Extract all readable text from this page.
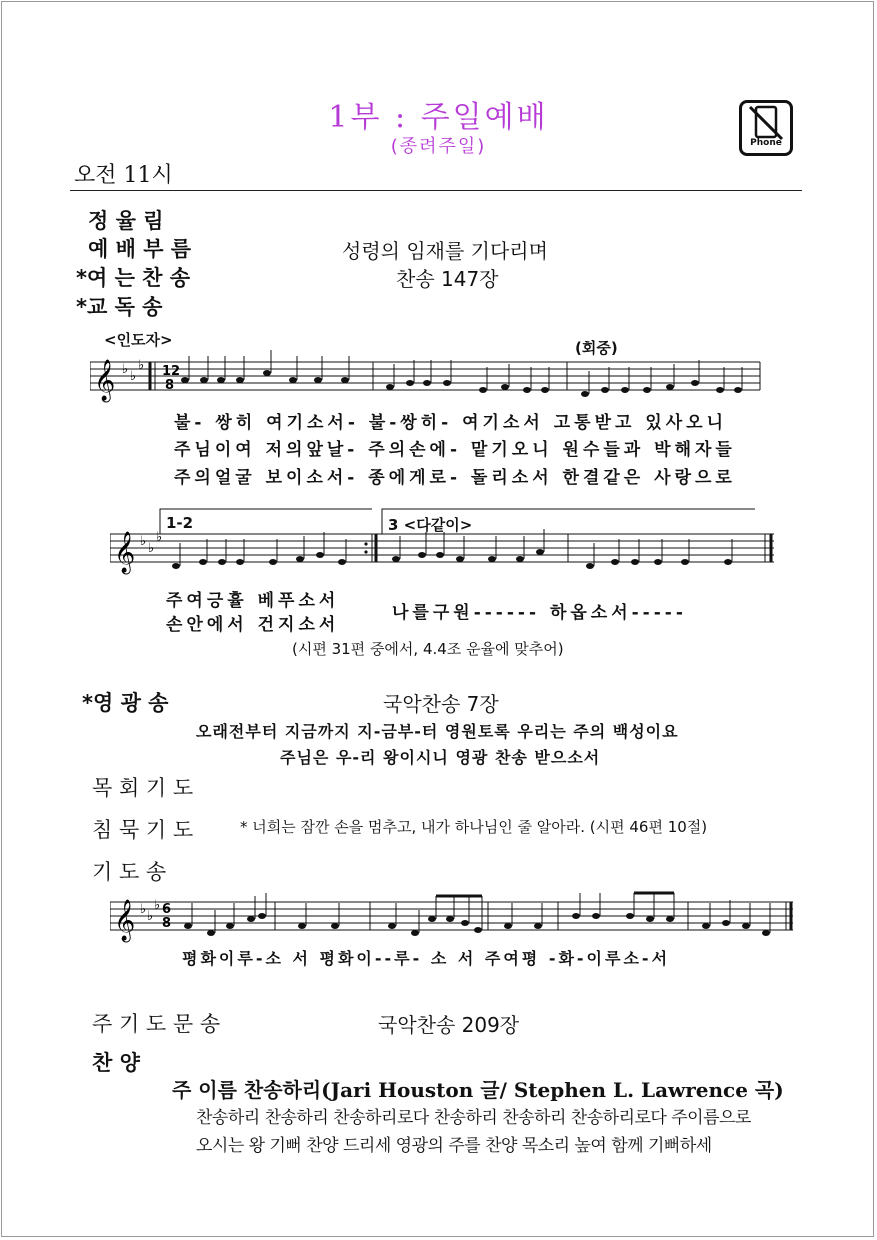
1부 : 주일예배
(종려주일)
오전 11시
Phone
정 율 림
예 배 부 름	성령의 임재를 기다리며
*여 는 찬 송	찬송 147장
*교 독 송
<인도자>	(회중)
𝄞 ♭ ♭
♭ 12
8
불- 쌍히 여기소서- 불-쌍히- 여기소서 고통받고 있사오니
주님이여 저의앞날- 주의손에- 맡기오니 원수들과 박해자들
주의얼굴 보이소서- 종에게로- 돌리소서 한결같은 사랑으로
𝄞 ♭ ♭
♭
1-2	3 <다같이>
주여긍휼 베푸소서
손안에서 건지소서
나를구원------ 하옵소서-----
(시편 31편 중에서, 4.4조 운율에 맞추어)
*영 광 송	국악찬송 7장
오래전부터 지금까지 지-금부-터 영원토록 우리는 주의 백성이요
주님은 우-리 왕이시니 영광 찬송 받으소서
목 회 기 도
침 묵 기 도	* 너희는 잠깐 손을 멈추고, 내가 하나님인 줄 알아라. (시편 46편 10절)
기 도 송
𝄞 ♭ ♭
♭ 6
8
평화이루-소 서 평화이--루- 소 서 주여평 -화-이루소-서
주 기 도 문 송	국악찬송 209장
찬 양
주 이름 찬송하리(Jari Houston 글/ Stephen L. Lawrence 곡)
찬송하리 찬송하리 찬송하리로다 찬송하리 찬송하리 찬송하리로다 주이름으로
오시는 왕 기뻐 찬양 드리세 영광의 주를 찬양 목소리 높여 함께 기뻐하세
